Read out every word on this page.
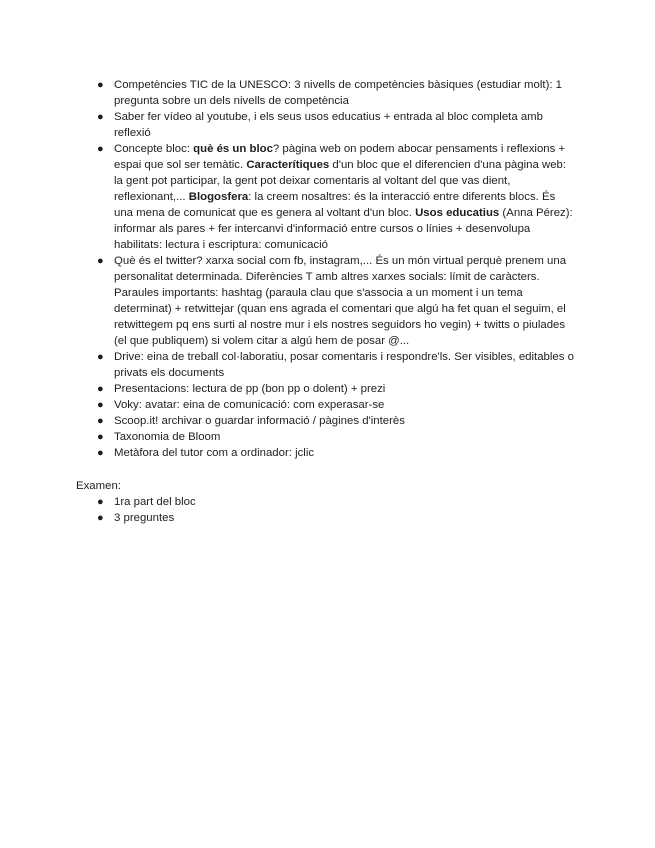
● Competències TIC de la UNESCO: 3 nivells de competències bàsiques (estudiar molt): 1 pregunta sobre un dels nivells de competència
● Saber fer vídeo al youtube, i els seus usos educatius + entrada al bloc completa amb reflexió
● Concepte bloc: què és un bloc? pàgina web on podem abocar pensaments i reflexions + espai que sol ser temàtic. Caracterítiques d'un bloc que el diferencien d'una pàgina web: la gent pot participar, la gent pot deixar comentaris al voltant del que vas dient, reflexionant,... Blogosfera: la creem nosaltres: és la interacció entre diferents blocs. És una mena de comunicat que es genera al voltant d'un bloc. Usos educatius (Anna Pérez): informar als pares + fer intercanvi d'informació entre cursos o línies + desenvolupa habilitats: lectura i escriptura: comunicació
● Què és el twitter? xarxa social com fb, instagram,... És un món virtual perquè prenem una personalitat determinada. Diferències T amb altres xarxes socials: límit de caràcters. Paraules importants: hashtag (paraula clau que s'associa a un moment i un tema determinat) + retwittejar (quan ens agrada el comentari que algú ha fet quan el seguim, el retwittegem pq ens surti al nostre mur i els nostres seguidors ho vegin) + twitts o piulades (el que publiquem) si volem citar a algú hem de posar @...
● Drive: eina de treball col·laboratiu, posar comentaris i respondre'ls. Ser visibles, editables o privats els documents
● Presentacions: lectura de pp (bon pp o dolent) + prezi
● Voky: avatar: eina de comunicació: com experasar-se
● Scoop.it! archivar o guardar informació / pàgines d'interès
● Taxonomia de Bloom
● Metàfora del tutor com a ordinador: jclic
Examen:
● 1ra part del bloc
● 3 preguntes
